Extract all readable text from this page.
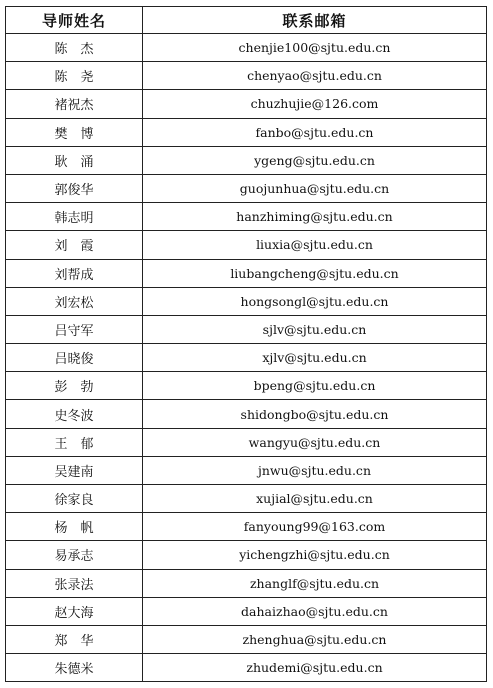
导师姓名	联系邮箱
陈杰	chenjie100@sjtu.edu.cn
陈尧	chenyao@sjtu.edu.cn
褚祝杰	chuzhujie@126.com
樊博	fanbo@sjtu.edu.cn
耿涌	ygeng@sjtu.edu.cn
郭俊华	guojunhua@sjtu.edu.cn
韩志明	hanzhiming@sjtu.edu.cn
刘霞	liuxia@sjtu.edu.cn
刘帮成	liubangcheng@sjtu.edu.cn
刘宏松	hongsongl@sjtu.edu.cn
吕守军	sjlv@sjtu.edu.cn
吕晓俊	xjlv@sjtu.edu.cn
彭勃	bpeng@sjtu.edu.cn
史冬波	shidongbo@sjtu.edu.cn
王郁	wangyu@sjtu.edu.cn
吴建南	jnwu@sjtu.edu.cn
徐家良	xujial@sjtu.edu.cn
杨帆	fanyoung99@163.com
易承志	yichengzhi@sjtu.edu.cn
张录法	zhanglf@sjtu.edu.cn
赵大海	dahaizhao@sjtu.edu.cn
郑华	zhenghua@sjtu.edu.cn
朱德米	zhudemi@sjtu.edu.cn
